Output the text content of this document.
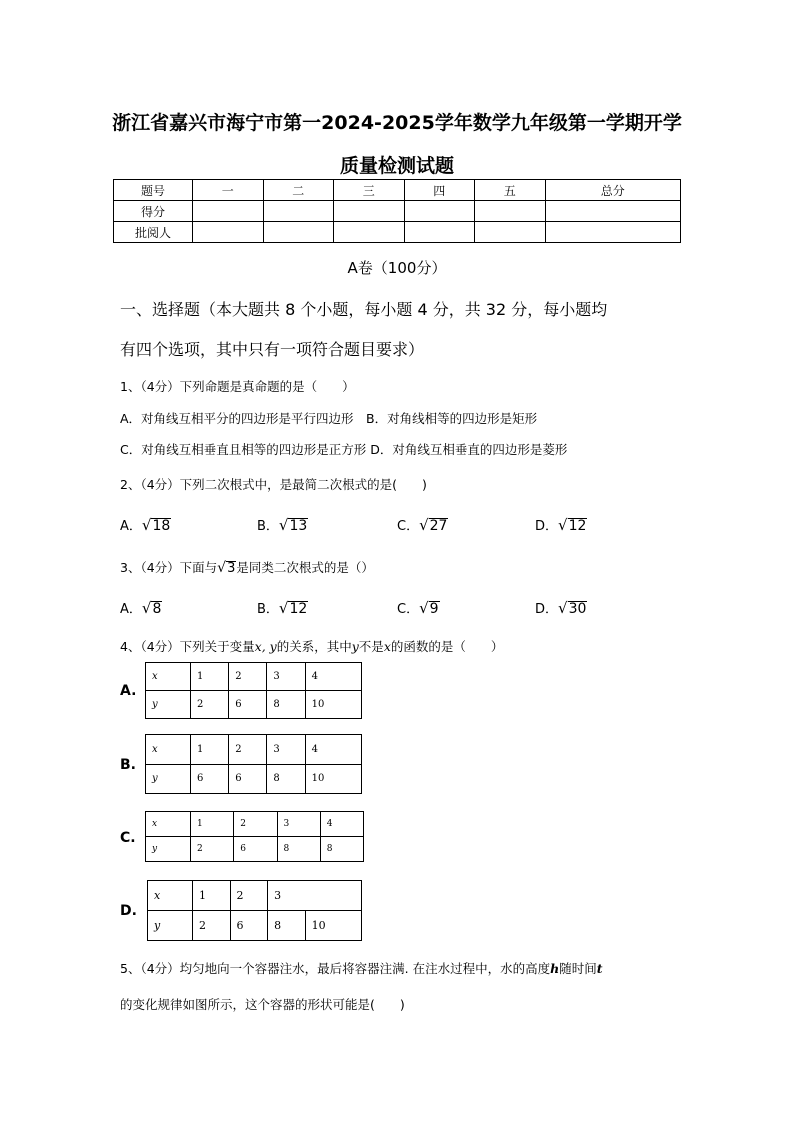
浙江省嘉兴市海宁市第一2024-2025学年数学九年级第一学期开学
质量检测试题
题号	一	二	三	四	五	总分
得分						
批阅人						
A卷（100分）
一、选择题（本大题共 8 个小题，每小题 4 分，共 32 分，每小题均
有四个选项，其中只有一项符合题目要求）
1、（4分）下列命题是真命题的是（　　）
A．对角线互相平分的四边形是平行四边形　B．对角线相等的四边形是矩形
C．对角线互相垂直且相等的四边形是正方形 D．对角线互相垂直的四边形是菱形
2、（4分）下列二次根式中，是最简二次根式的是(　　)
A．√18	B．√13	C．√27	D．√12
3、（4分）下面与√3是同类二次根式的是（）
A．√8	B．√12	C．√9	D．√30
4、（4分）下列关于变量x, y的关系，其中y不是x的函数的是（　　）
A.
x	1	2	3	4
y	2	6	8	10
B.
x	1	2	3	4
y	6	6	8	10
C.
x	1	2	3	4
y	2	6	8	8
D.
x	1	2	3	
y	2	6	8	10
5、（4分）均匀地向一个容器注水，最后将容器注满. 在注水过程中，水的高度h随时间t
的变化规律如图所示，这个容器的形状可能是(　　)
